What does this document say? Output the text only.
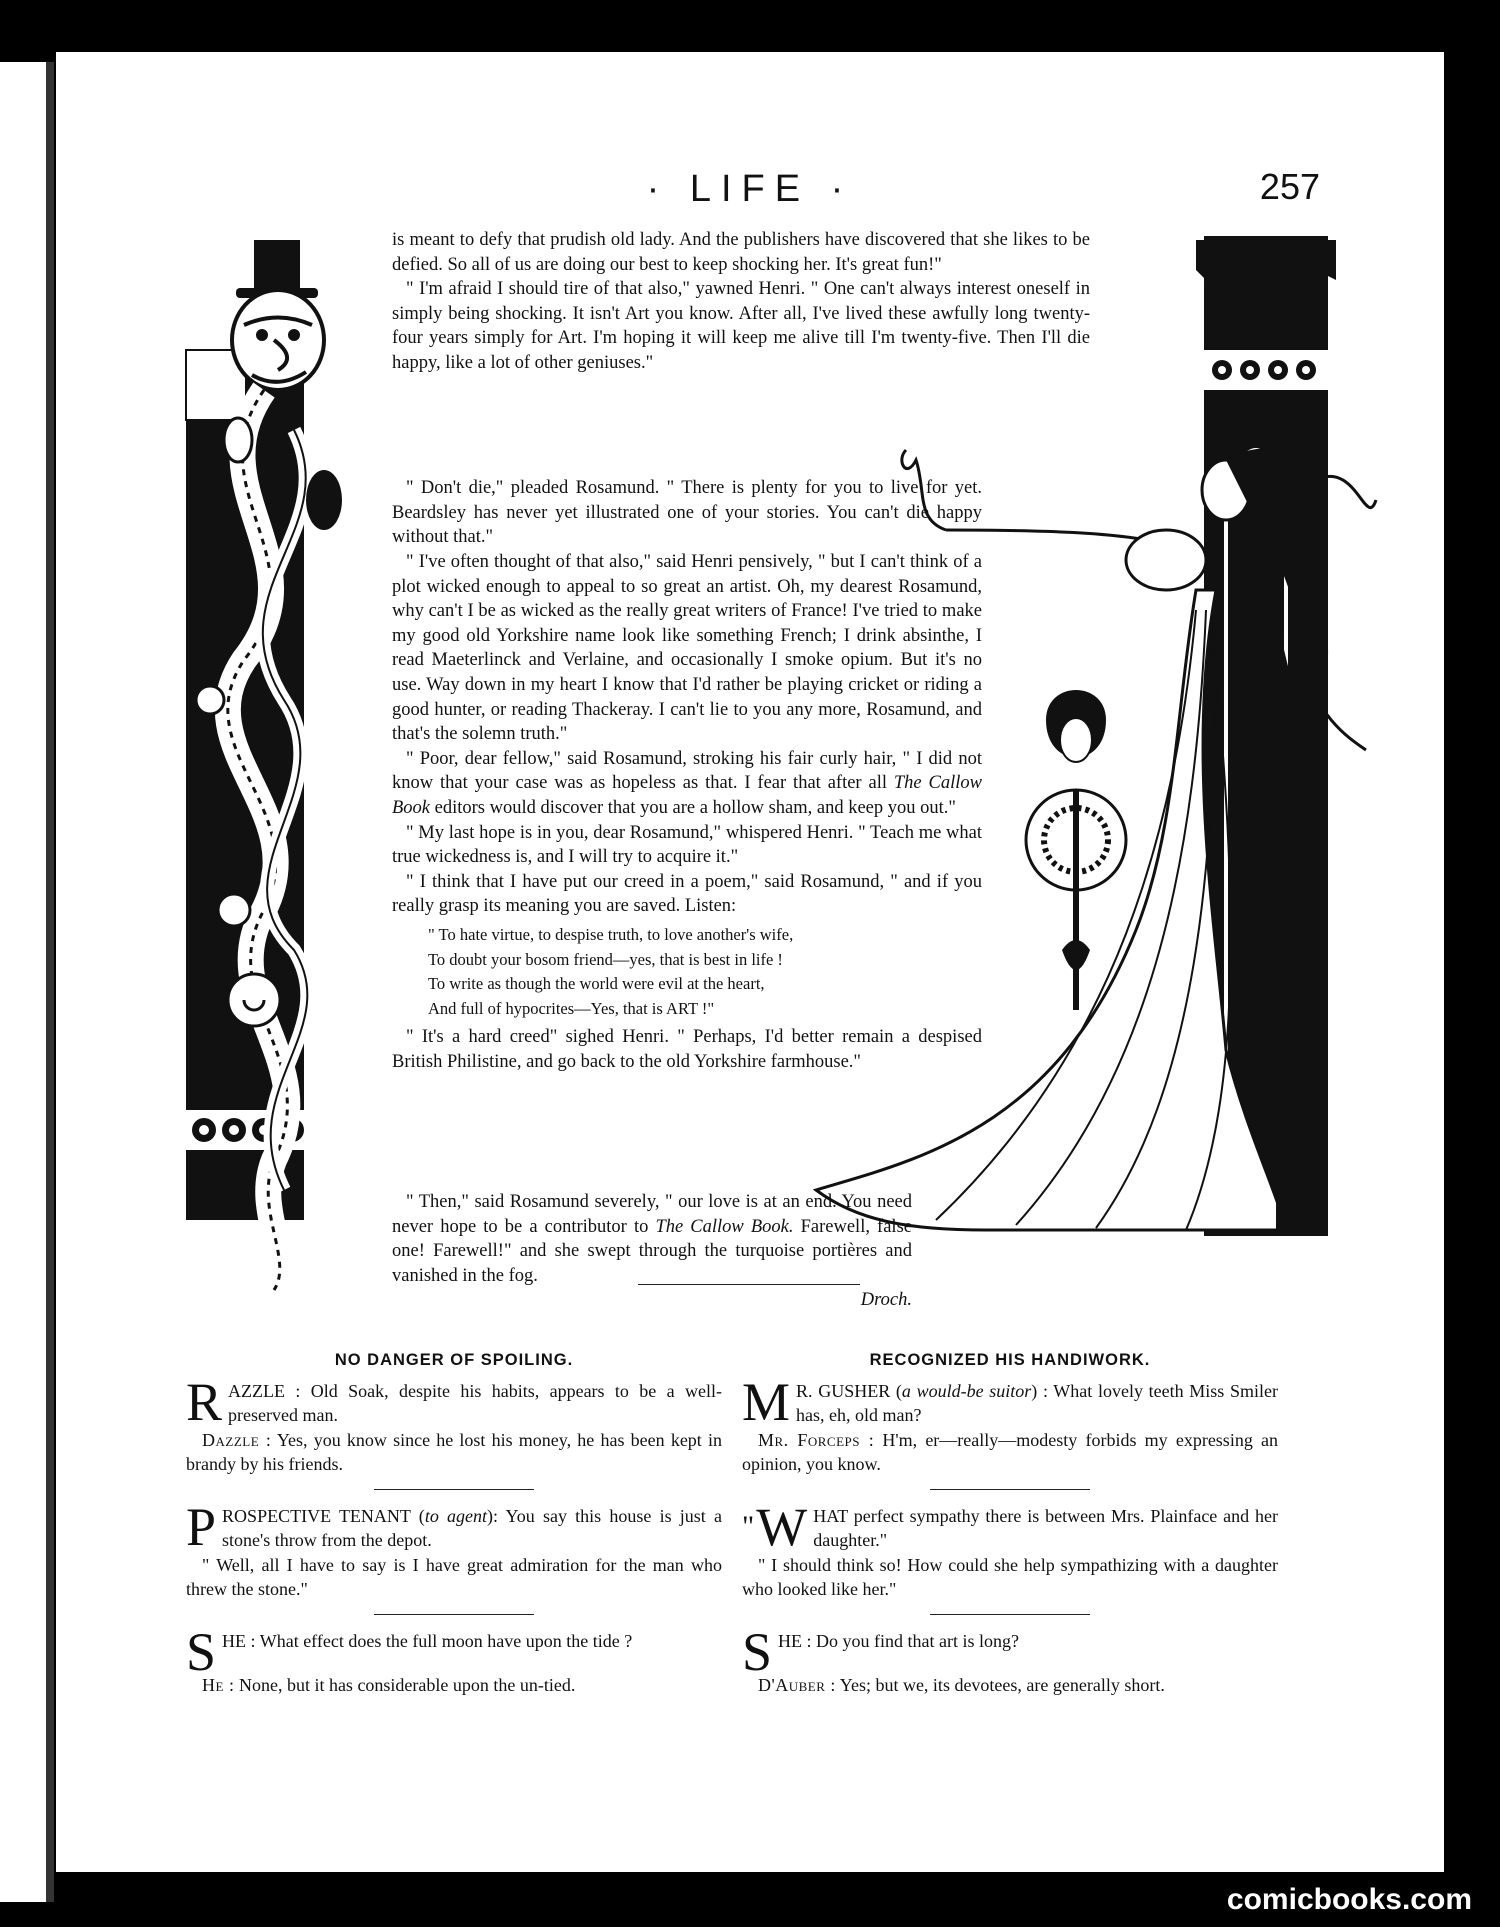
· LIFE ·	257

is meant to defy that prudish old lady. And the publishers have discovered that she likes to be defied. So all of us are doing our best to keep shocking her. It's great fun!"

" I'm afraid I should tire of that also," yawned Henri. " One can't always interest oneself in simply being shocking. It isn't Art you know. After all, I've lived these awfully long twenty-four years simply for Art. I'm hoping it will keep me alive till I'm twenty-five. Then I'll die happy, like a lot of other geniuses."

" Don't die," pleaded Rosamund. " There is plenty for you to live for yet. Beardsley has never yet illustrated one of your stories. You can't die happy without that."

" I've often thought of that also," said Henri pensively, " but I can't think of a plot wicked enough to appeal to so great an artist. Oh, my dearest Rosamund, why can't I be as wicked as the really great writers of France! I've tried to make my good old Yorkshire name look like something French; I drink absinthe, I read Maeterlinck and Verlaine, and occasionally I smoke opium. But it's no use. Way down in my heart I know that I'd rather be playing cricket or riding a good hunter, or reading Thackeray. I can't lie to you any more, Rosamund, and that's the solemn truth."

" Poor, dear fellow," said Rosamund, stroking his fair curly hair, " I did not know that your case was as hopeless as that. I fear that after all The Callow Book editors would discover that you are a hollow sham, and keep you out."

" My last hope is in you, dear Rosamund," whispered Henri. " Teach me what true wickedness is, and I will try to acquire it."

" I think that I have put our creed in a poem," said Rosamund, " and if you really grasp its meaning you are saved. Listen:

" To hate virtue, to despise truth, to love another's wife,
To doubt your bosom friend—yes, that is best in life !
To write as though the world were evil at the heart,
And full of hypocrites—Yes, that is ART !"

" It's a hard creed" sighed Henri. " Perhaps, I'd better remain a despised British Philistine, and go back to the old Yorkshire farmhouse."

" Then," said Rosamund severely, " our love is at an end. You need never hope to be a contributor to The Callow Book. Farewell, false one! Farewell!" and she swept through the turquoise portières and vanished in the fog.

Droch.

NO DANGER OF SPOILING.
R AZZLE : Old Soak, despite his habits, appears to be a well-preserved man.

Dazzle : Yes, you know since he lost his money, he has been kept in brandy by his friends.

P ROSPECTIVE TENANT (to agent): You say this house is just a stone's throw from the depot.

" Well, all I have to say is I have great admiration for the man who threw the stone."

S HE : What effect does the full moon have upon the tide ?

He : None, but it has considerable upon the un-tied.

RECOGNIZED HIS HANDIWORK.
M R. GUSHER (a would-be suitor) : What lovely teeth Miss Smiler has, eh, old man?

Mr. Forceps : H'm, er—really—modesty forbids my expressing an opinion, you know.

" W HAT perfect sympathy there is between Mrs. Plainface and her daughter."

" I should think so! How could she help sympathizing with a daughter who looked like her."

S HE : Do you find that art is long?

D'Auber : Yes; but we, its devotees, are generally short.

comicbooks.com
